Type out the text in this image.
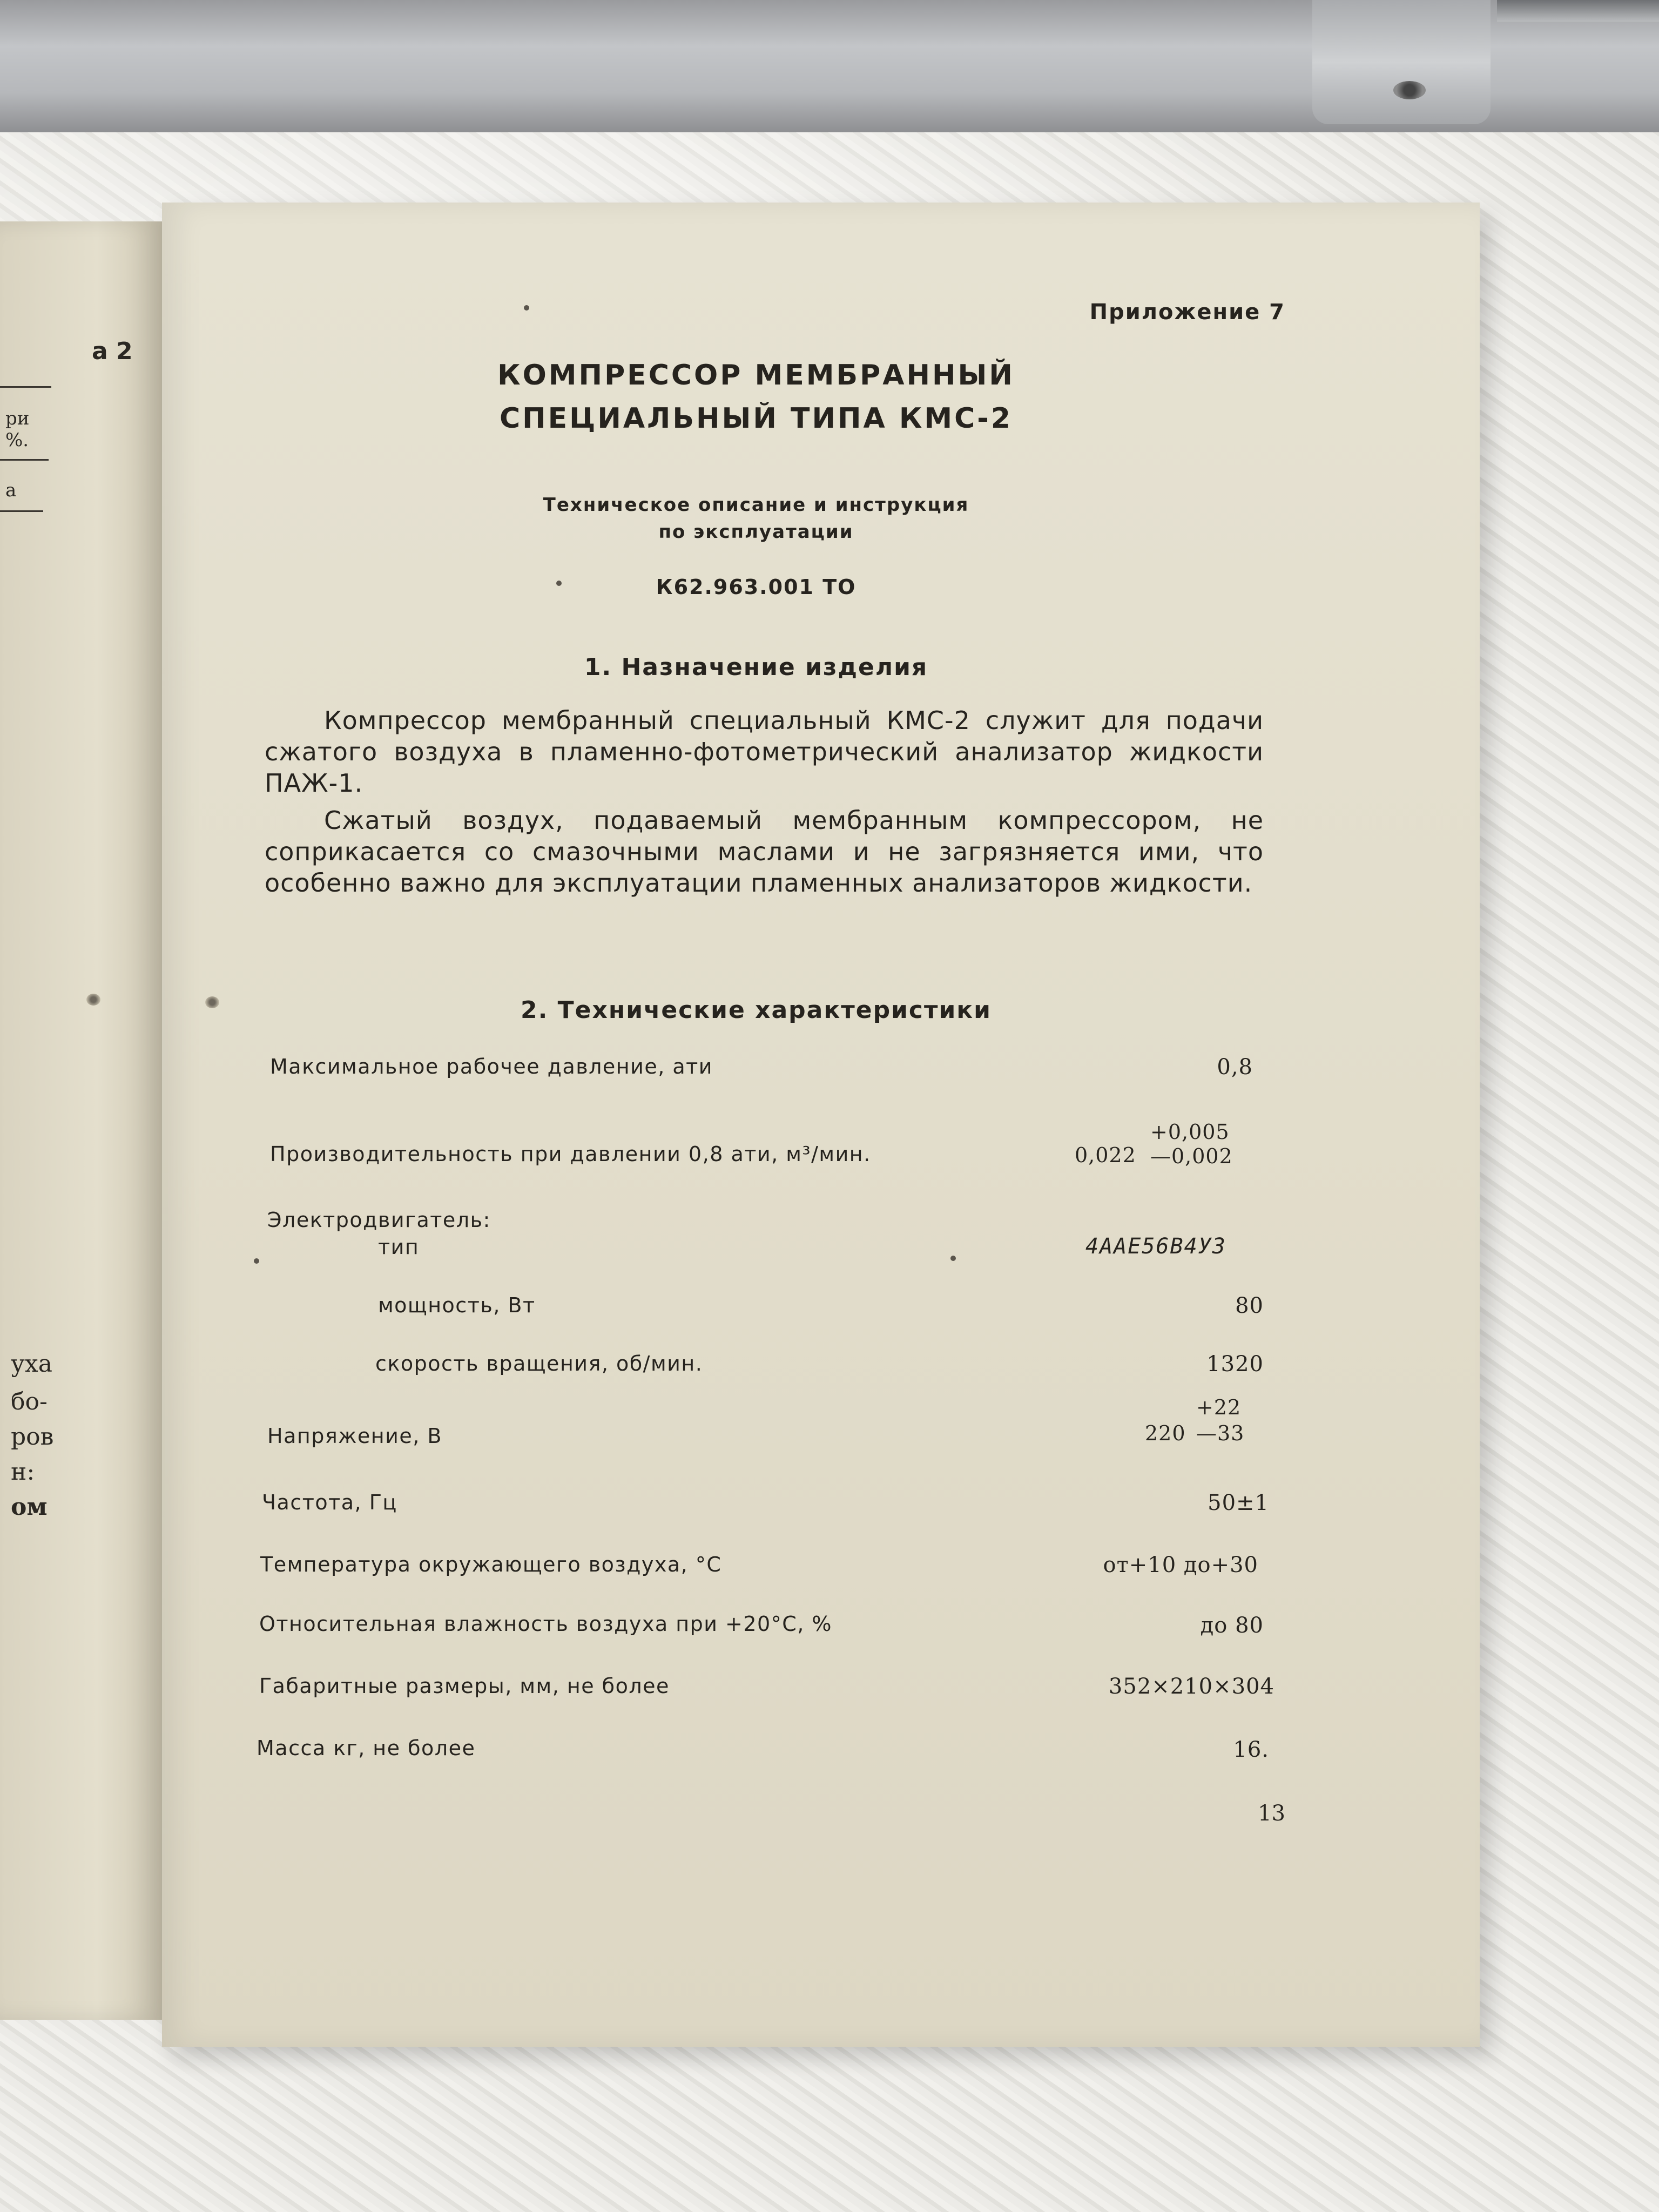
а 2
ри
%.
а
уха
бо-
ров
н:
ом
Приложение 7
КОМПРЕССОР МЕМБРАННЫЙ
СПЕЦИАЛЬНЫЙ ТИПА КМС-2
Техническое описание и инструкция
по эксплуатации
К62.963.001 ТО
1. Назначение изделия
Компрессор мембранный специальный КМС-2 служит для подачи сжатого воздуха в пламенно-фотометрический анализатор жидкости ПАЖ-1.
Сжатый воздух, подаваемый мембранным компрессором, не соприкасается со смазочными маслами и не загрязняется ими, что особенно важно для эксплуатации пламенных анализаторов жидкости.
2. Технические характеристики
Максимальное рабочее давление, ати	0,8
Производительность при давлении 0,8 ати, м³/мин.	0,022
+0,005
—0,002
Электродвигатель:
тип	4ААЕ56В4УЗ
мощность, Вт	80
скорость вращения, об/мин.	1320
Напряжение, В	220
+22
—33
Частота, Гц	50±1
Температура окружающего воздуха, °С	от+10 до+30
Относительная влажность воздуха при +20°С, %	до 80
Габаритные размеры, мм, не более	352×210×304
Масса кг, не более	16.
13
